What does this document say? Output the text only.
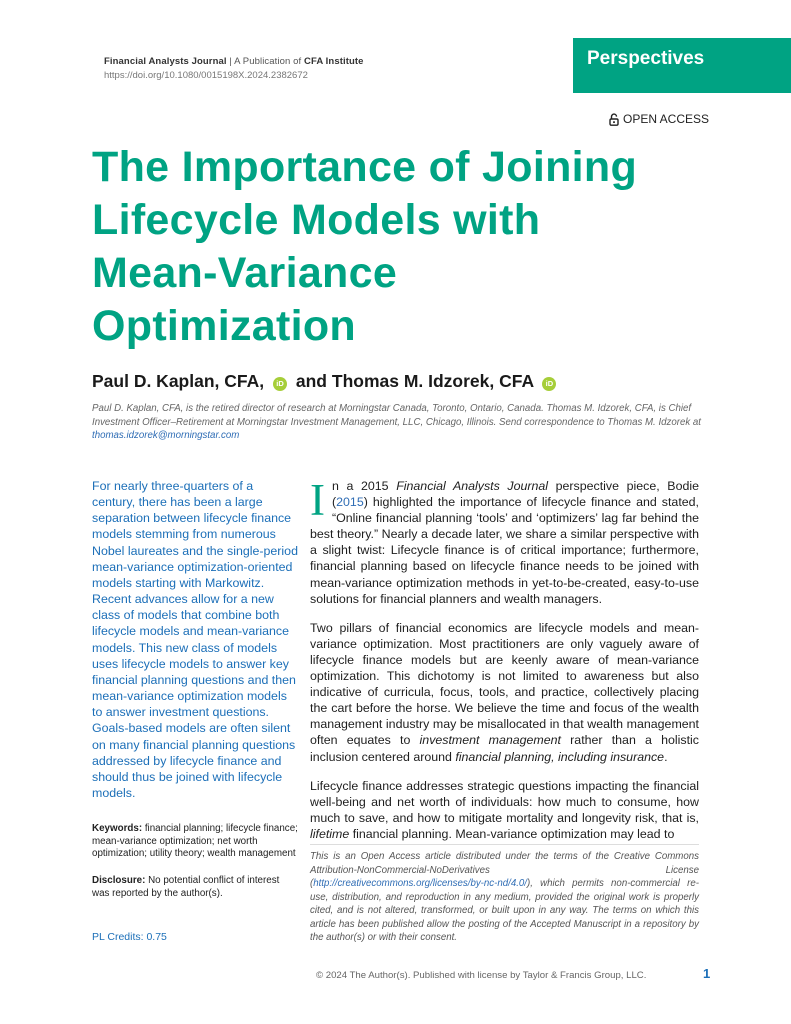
Financial Analysts Journal | A Publication of CFA Institute
https://doi.org/10.1080/0015198X.2024.2382672
Perspectives
OPEN ACCESS
The Importance of Joining
Lifecycle Models with
Mean-Variance
Optimization
Paul D. Kaplan, CFA, iD and Thomas M. Idzorek, CFA iD

Paul D. Kaplan, CFA, is the retired director of research at Morningstar Canada, Toronto, Ontario, Canada. Thomas M. Idzorek, CFA, is Chief Investment Officer–Retirement at Morningstar Investment Management, LLC, Chicago, Illinois. Send correspondence to Thomas M. Idzorek at thomas.idzorek@morningstar.com

For nearly three-quarters of a century, there has been a large separation between lifecycle finance models stemming from numerous Nobel laureates and the single-period mean-variance optimization-oriented models starting with Markowitz. Recent advances allow for a new class of models that combine both lifecycle models and mean-variance models. This new class of models uses lifecycle models to answer key financial planning questions and then mean-variance optimization models to answer investment questions. Goals-based models are often silent on many financial planning questions addressed by lifecycle finance and should thus be joined with lifecycle models.

Keywords: financial planning; lifecycle finance; mean-variance optimization; net worth optimization; utility theory; wealth management

Disclosure: No potential conflict of interest was reported by the author(s).

PL Credits: 0.75

In a 2015 Financial Analysts Journal perspective piece, Bodie (2015) highlighted the importance of lifecycle finance and stated, “Online financial planning ‘tools’ and ‘optimizers’ lag far behind the best theory.” Nearly a decade later, we share a similar perspective with a slight twist: Lifecycle finance is of critical importance; furthermore, financial planning based on lifecycle finance needs to be joined with mean-variance optimization methods in yet-to-be-created, easy-to-use solutions for financial planners and wealth managers.

Two pillars of financial economics are lifecycle models and mean-variance optimization. Most practitioners are only vaguely aware of lifecycle finance models but are keenly aware of mean-variance optimization. This dichotomy is not limited to awareness but also indicative of curricula, focus, tools, and practice, collectively placing the cart before the horse. We believe the time and focus of the wealth management industry may be misallocated in that wealth management often equates to investment management rather than a holistic inclusion centered around financial planning, including insurance.

Lifecycle finance addresses strategic questions impacting the financial well-being and net worth of individuals: how much to consume, how much to save, and how to mitigate mortality and longevity risk, that is, lifetime financial planning. Mean-variance optimization may lead to

This is an Open Access article distributed under the terms of the Creative Commons Attribution-NonCommercial-NoDerivatives License (http://creativecommons.org/licenses/by-nc-nd/4.0/), which permits non-commercial re-use, distribution, and reproduction in any medium, provided the original work is properly cited, and is not altered, transformed, or built upon in any way. The terms on which this article has been published allow the posting of the Accepted Manuscript in a repository by the author(s) or with their consent.

© 2024 The Author(s). Published with license by Taylor & Francis Group, LLC.	1
